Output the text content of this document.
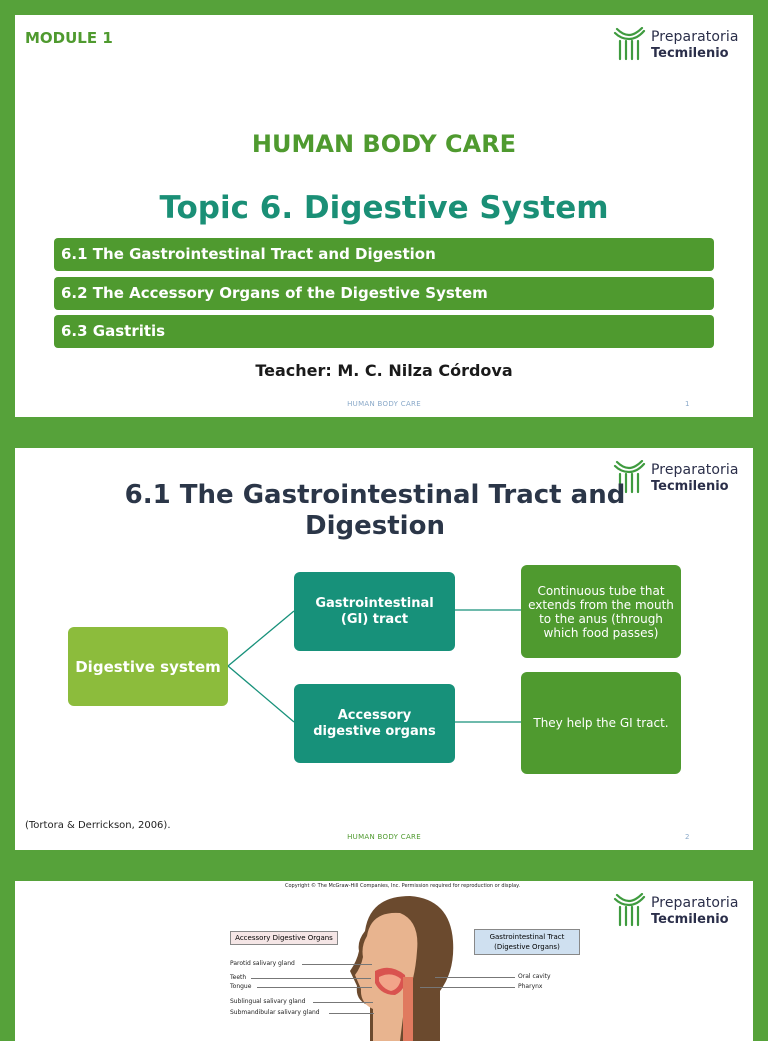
MODULE 1	Preparatoria
Tecmilenio
HUMAN BODY CARE
Topic 6. Digestive System
6.1 The Gastrointestinal Tract and Digestion
6.2 The Accessory Organs of the Digestive System
6.3 Gastritis
Teacher: M. C. Nilza Córdova
HUMAN BODY CARE	1
Preparatoria
Tecmilenio
6.1 The Gastrointestinal Tract and Digestion
Digestive system
Gastrointestinal (GI) tract
Accessory digestive organs
Continuous tube that extends from the mouth to the anus (through which food passes)
They help the GI tract.
(Tortora & Derrickson, 2006).
HUMAN BODY CARE	2
Copyright © The McGraw-Hill Companies, Inc. Permission required for reproduction or display.
Preparatoria
Tecmilenio
Accessory Digestive Organs	Gastrointestinal Tract
(Digestive Organs)
Parotid salivary gland
Teeth
Tongue
Sublingual salivary gland
Submandibular salivary gland
Oral cavity
Pharynx
